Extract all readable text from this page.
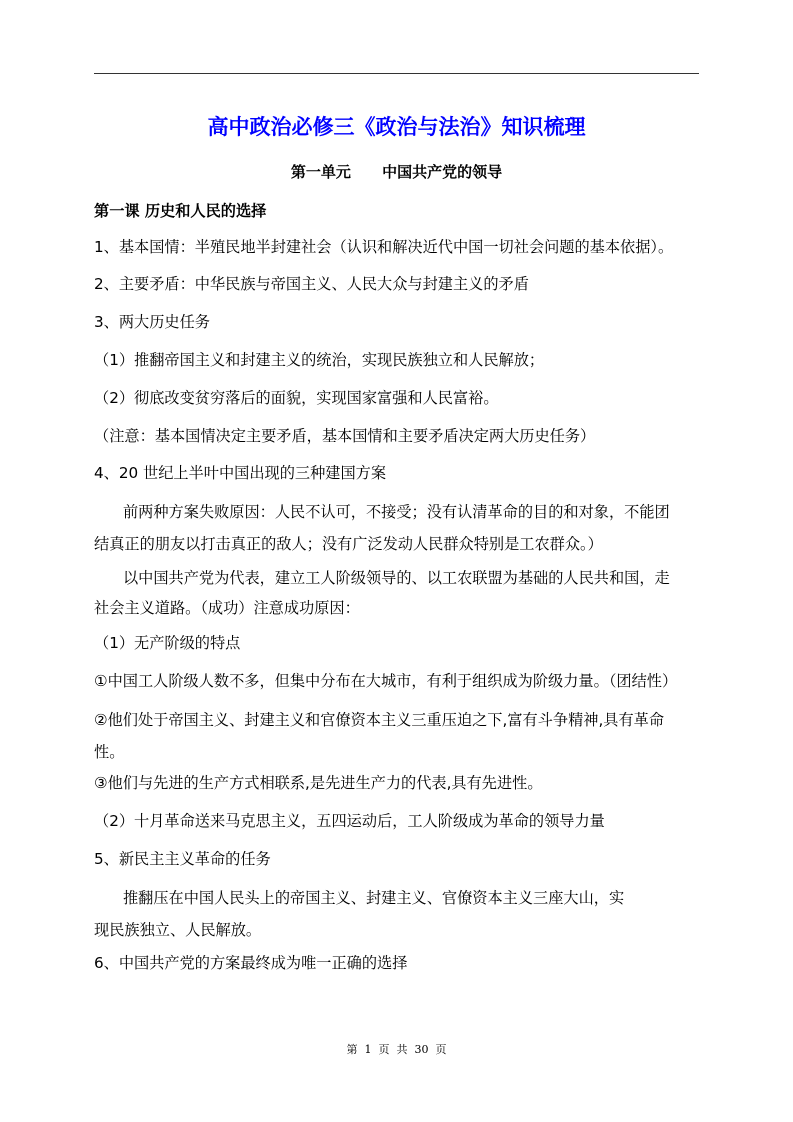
高中政治必修三《政治与法治》知识梳理
第一单元      中国共产党的领导
第一课 历史和人民的选择
1、基本国情：半殖民地半封建社会（认识和解决近代中国一切社会问题的基本依据）。
2、主要矛盾：中华民族与帝国主义、人民大众与封建主义的矛盾
3、两大历史任务
（1）推翻帝国主义和封建主义的统治，实现民族独立和人民解放；
（2）彻底改变贫穷落后的面貌，实现国家富强和人民富裕。
（注意：基本国情决定主要矛盾，基本国情和主要矛盾决定两大历史任务）
4、20 世纪上半叶中国出现的三种建国方案
前两种方案失败原因：人民不认可，不接受；没有认清革命的目的和对象，不能团
结真正的朋友以打击真正的敌人；没有广泛发动人民群众特别是工农群众。）
以中国共产党为代表，建立工人阶级领导的、以工农联盟为基础的人民共和国，走
社会主义道路。（成功）注意成功原因：
（1）无产阶级的特点
①中国工人阶级人数不多，但集中分布在大城市，有利于组织成为阶级力量。（团结性）
②他们处于帝国主义、封建主义和官僚资本主义三重压迫之下,富有斗争精神,具有革命
性。
③他们与先进的生产方式相联系,是先进生产力的代表,具有先进性。
（2）十月革命送来马克思主义，五四运动后，工人阶级成为革命的领导力量
5、新民主主义革命的任务
推翻压在中国人民头上的帝国主义、封建主义、官僚资本主义三座大山，实
现民族独立、人民解放。
6、中国共产党的方案最终成为唯一正确的选择
第  1  页  共  30  页
